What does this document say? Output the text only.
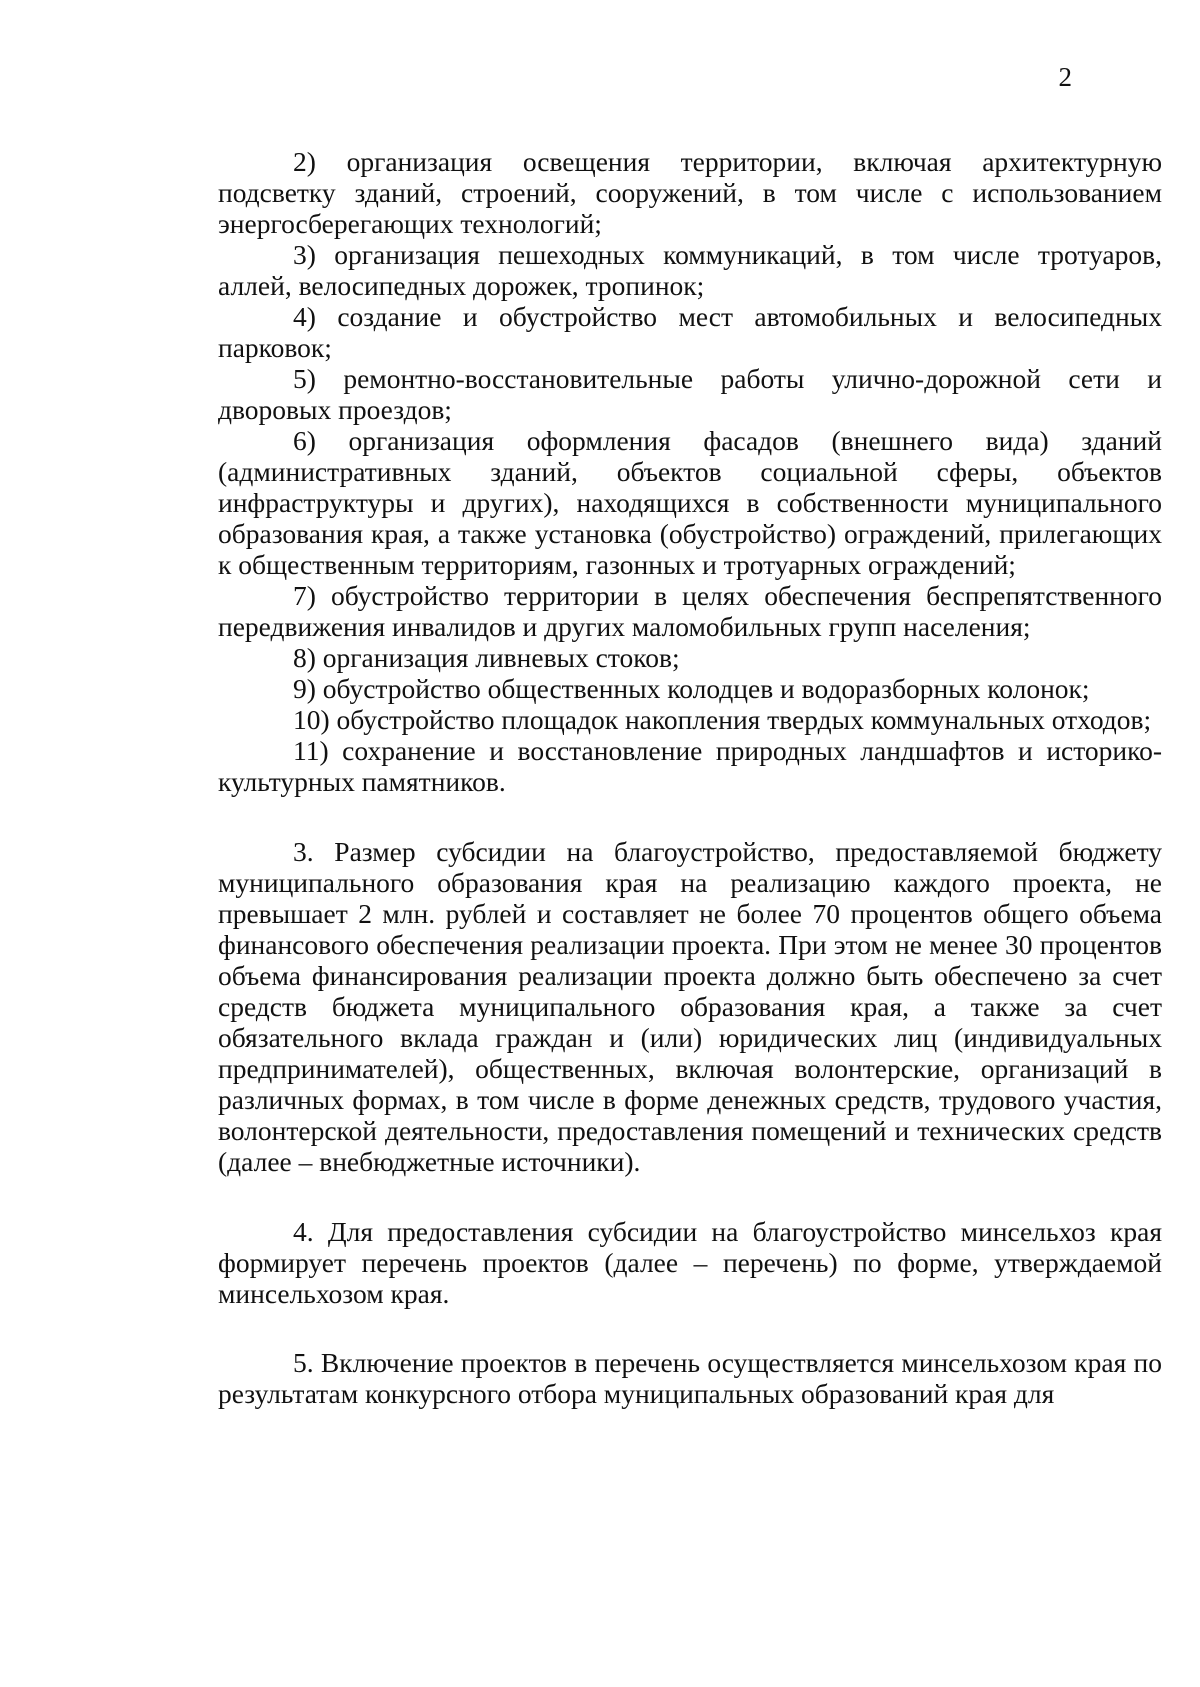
2

2) организация освещения территории, включая архитектурную подсветку зданий, строений, сооружений, в том числе с использованием энергосберегающих технологий;

3) организация пешеходных коммуникаций, в том числе тротуаров, аллей, велосипедных дорожек, тропинок;

4) создание и обустройство мест автомобильных и велосипедных парковок;

5) ремонтно-восстановительные работы улично-дорожной сети и дворовых проездов;

6) организация оформления фасадов (внешнего вида) зданий (административных зданий, объектов социальной сферы, объектов инфраструктуры и других), находящихся в собственности муниципального образования края, а также установка (обустройство) ограждений, прилегающих к общественным территориям, газонных и тротуарных ограждений;

7) обустройство территории в целях обеспечения беспрепятственного передвижения инвалидов и других маломобильных групп населения;

8) организация ливневых стоков;

9) обустройство общественных колодцев и водоразборных колонок;

10) обустройство площадок накопления твердых коммунальных отходов;

11) сохранение и восстановление природных ландшафтов и историко-культурных памятников.

3. Размер субсидии на благоустройство, предоставляемой бюджету муниципального образования края на реализацию каждого проекта, не превышает 2 млн. рублей и составляет не более 70 процентов общего объема финансового обеспечения реализации проекта. При этом не менее 30 процентов объема финансирования реализации проекта должно быть обеспечено за счет средств бюджета муниципального образования края, а также за счет обязательного вклада граждан и (или) юридических лиц (индивидуальных предпринимателей), общественных, включая волонтерские, организаций в различных формах, в том числе в форме денежных средств, трудового участия, волонтерской деятельности, предоставления помещений и технических средств (далее – внебюджетные источники).

4. Для предоставления субсидии на благоустройство минсельхоз края формирует перечень проектов (далее – перечень) по форме, утверждаемой минсельхозом края.

5. Включение проектов в перечень осуществляется минсельхозом края по результатам конкурсного отбора муниципальных образований края для
